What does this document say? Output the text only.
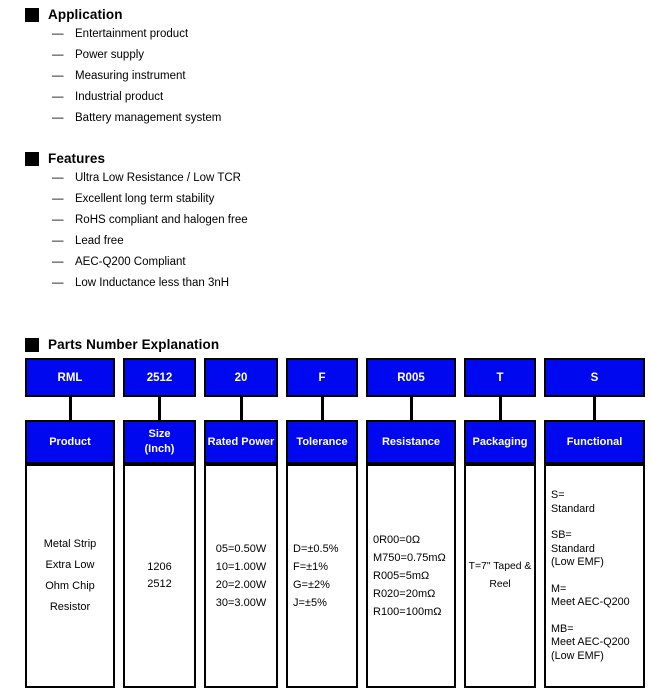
Application
— Entertainment product
— Power supply
— Measuring instrument
— Industrial product
— Battery management system
Features
— Ultra Low Resistance / Low TCR
— Excellent long term stability
— RoHS compliant and halogen free
— Lead free
— AEC-Q200 Compliant
— Low Inductance less than 3nH
Parts Number Explanation
RML
Product
Metal Strip
Extra Low
Ohm Chip
Resistor
2512
Size
(Inch)
1206
2512
20
Rated Power
05=0.50W
10=1.00W
20=2.00W
30=3.00W
F
Tolerance
D=±0.5%
F=±1%
G=±2%
J=±5%
R005
Resistance
0R00=0Ω
M750=0.75mΩ
R005=5mΩ
R020=20mΩ
R100=100mΩ
T
Packaging
T=7" Taped &
Reel
S
Functional
S=
Standard
SB=
Standard
(Low EMF)
M=
Meet AEC-Q200
MB=
Meet AEC-Q200
(Low EMF)
